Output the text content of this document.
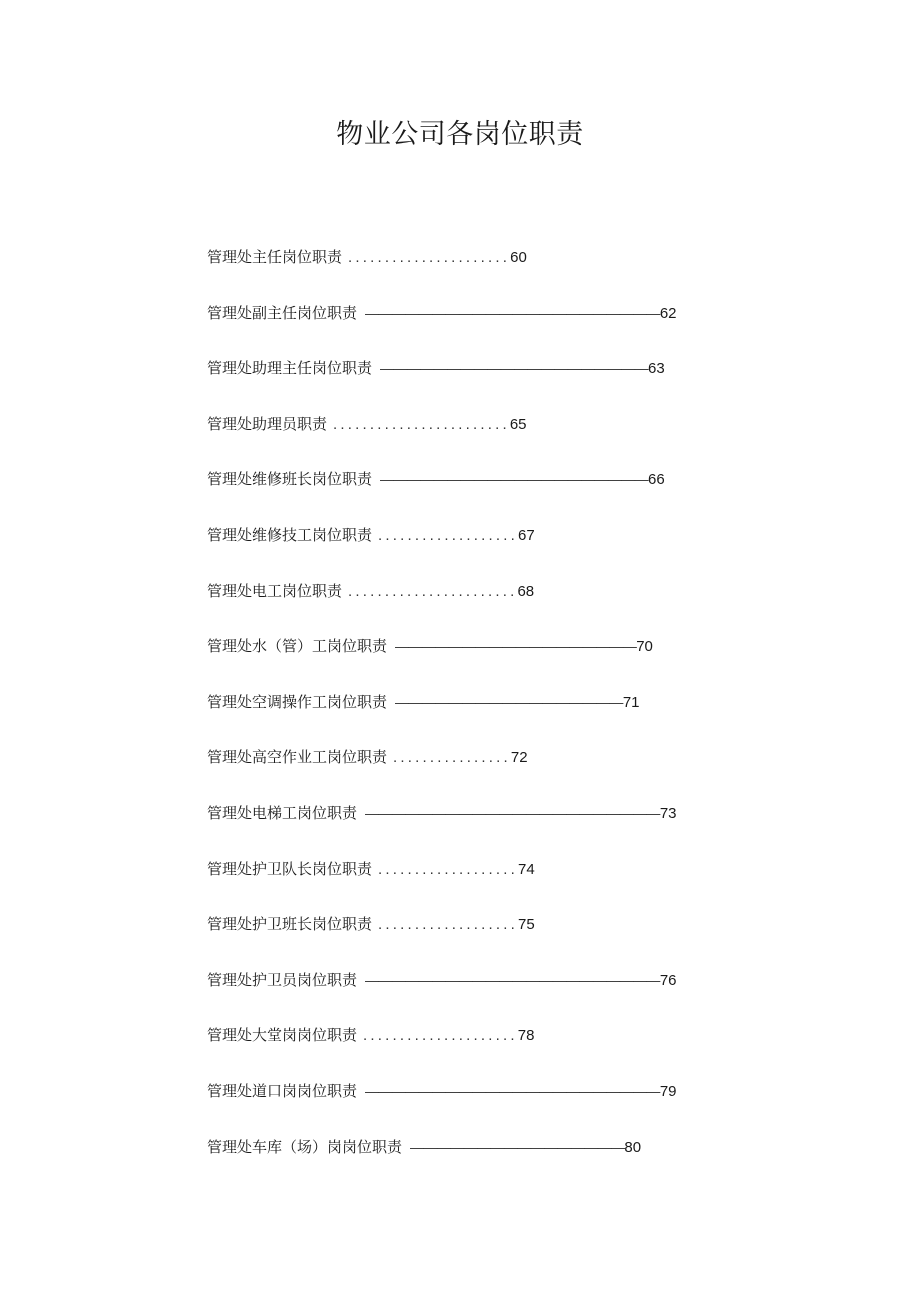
物业公司各岗位职责
管理处主任岗位职责 ...................... 60
管理处副主任岗位职责 —————————————————————— 62
管理处助理主任岗位职责 ———————————————————— 63
管理处助理员职责 ........................ 65
管理处维修班长岗位职责 ———————————————————— 66
管理处维修技工岗位职责 ................... 67
管理处电工岗位职责 ....................... 68
管理处水（管）工岗位职责 —————————————————— 70
管理处空调操作工岗位职责 ————————————————— 71
管理处高空作业工岗位职责 ................ 72
管理处电梯工岗位职责 —————————————————————— 73
管理处护卫队长岗位职责 ................... 74
管理处护卫班长岗位职责 ................... 75
管理处护卫员岗位职责 —————————————————————— 76
管理处大堂岗岗位职责 ..................... 78
管理处道口岗岗位职责 —————————————————————— 79
管理处车库（场）岗岗位职责 ———————————————— 80
